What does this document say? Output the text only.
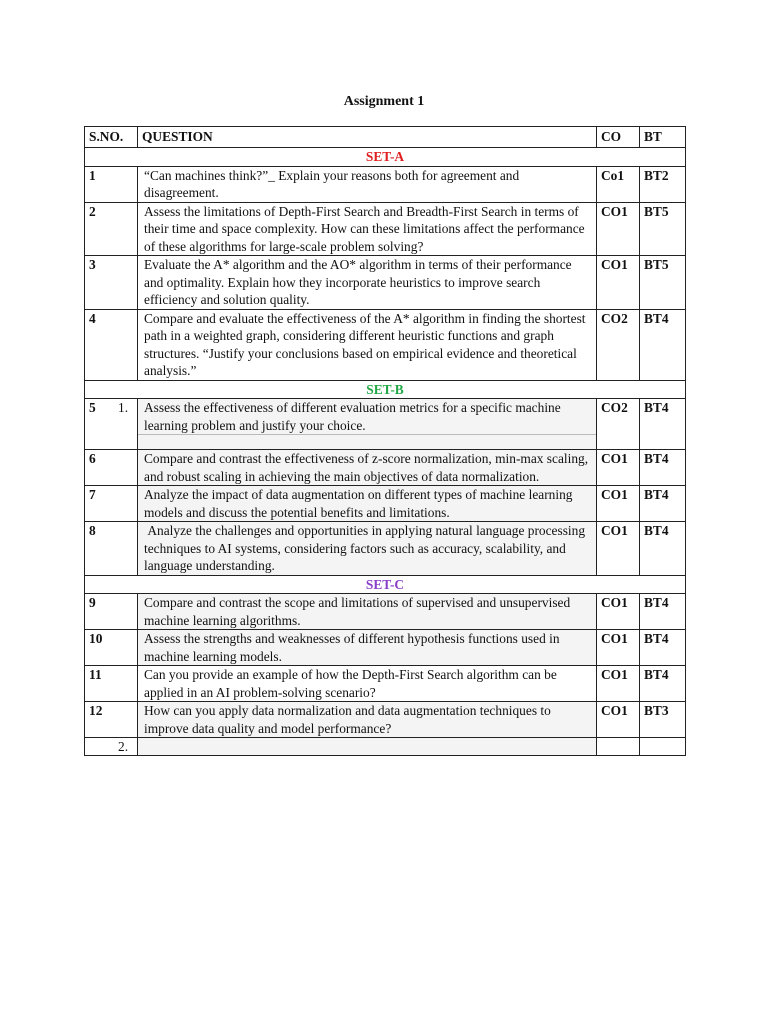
Assignment 1
S.NO.	QUESTION	CO	BT
SET-A			
1	“Can machines think?”_ Explain your reasons both for agreement and disagreement.	Co1	BT2
2	Assess the limitations of Depth-First Search and Breadth-First Search in terms of their time and space complexity. How can these limitations affect the performance of these algorithms for large-scale problem solving?	CO1	BT5
3	Evaluate the A* algorithm and the AO* algorithm in terms of their performance and optimality. Explain how they incorporate heuristics to improve search efficiency and solution quality.	CO1	BT5
4	Compare and evaluate the effectiveness of the A* algorithm in finding the shortest path in a weighted graph, considering different heuristic functions and graph structures. “Justify your conclusions based on empirical evidence and theoretical analysis.”	CO2	BT4
SET-B			
5	1. Assess the effectiveness of different evaluation metrics for a specific machine learning problem and justify your choice.	CO2	BT4
6	Compare and contrast the effectiveness of z-score normalization, min-max scaling, and robust scaling in achieving the main objectives of data normalization.	CO1	BT4
7	Analyze the impact of data augmentation on different types of machine learning models and discuss the potential benefits and limitations.	CO1	BT4
8	Analyze the challenges and opportunities in applying natural language processing techniques to AI systems, considering factors such as accuracy, scalability, and language understanding.	CO1	BT4
SET-C			
9	Compare and contrast the scope and limitations of supervised and unsupervised machine learning algorithms.	CO1	BT4
10	Assess the strengths and weaknesses of different hypothesis functions used in machine learning models.	CO1	BT4
11	Can you provide an example of how the Depth-First Search algorithm can be applied in an AI problem-solving scenario?	CO1	BT4
12	How can you apply data normalization and data augmentation techniques to improve data quality and model performance?	CO1	BT3

	2.		
